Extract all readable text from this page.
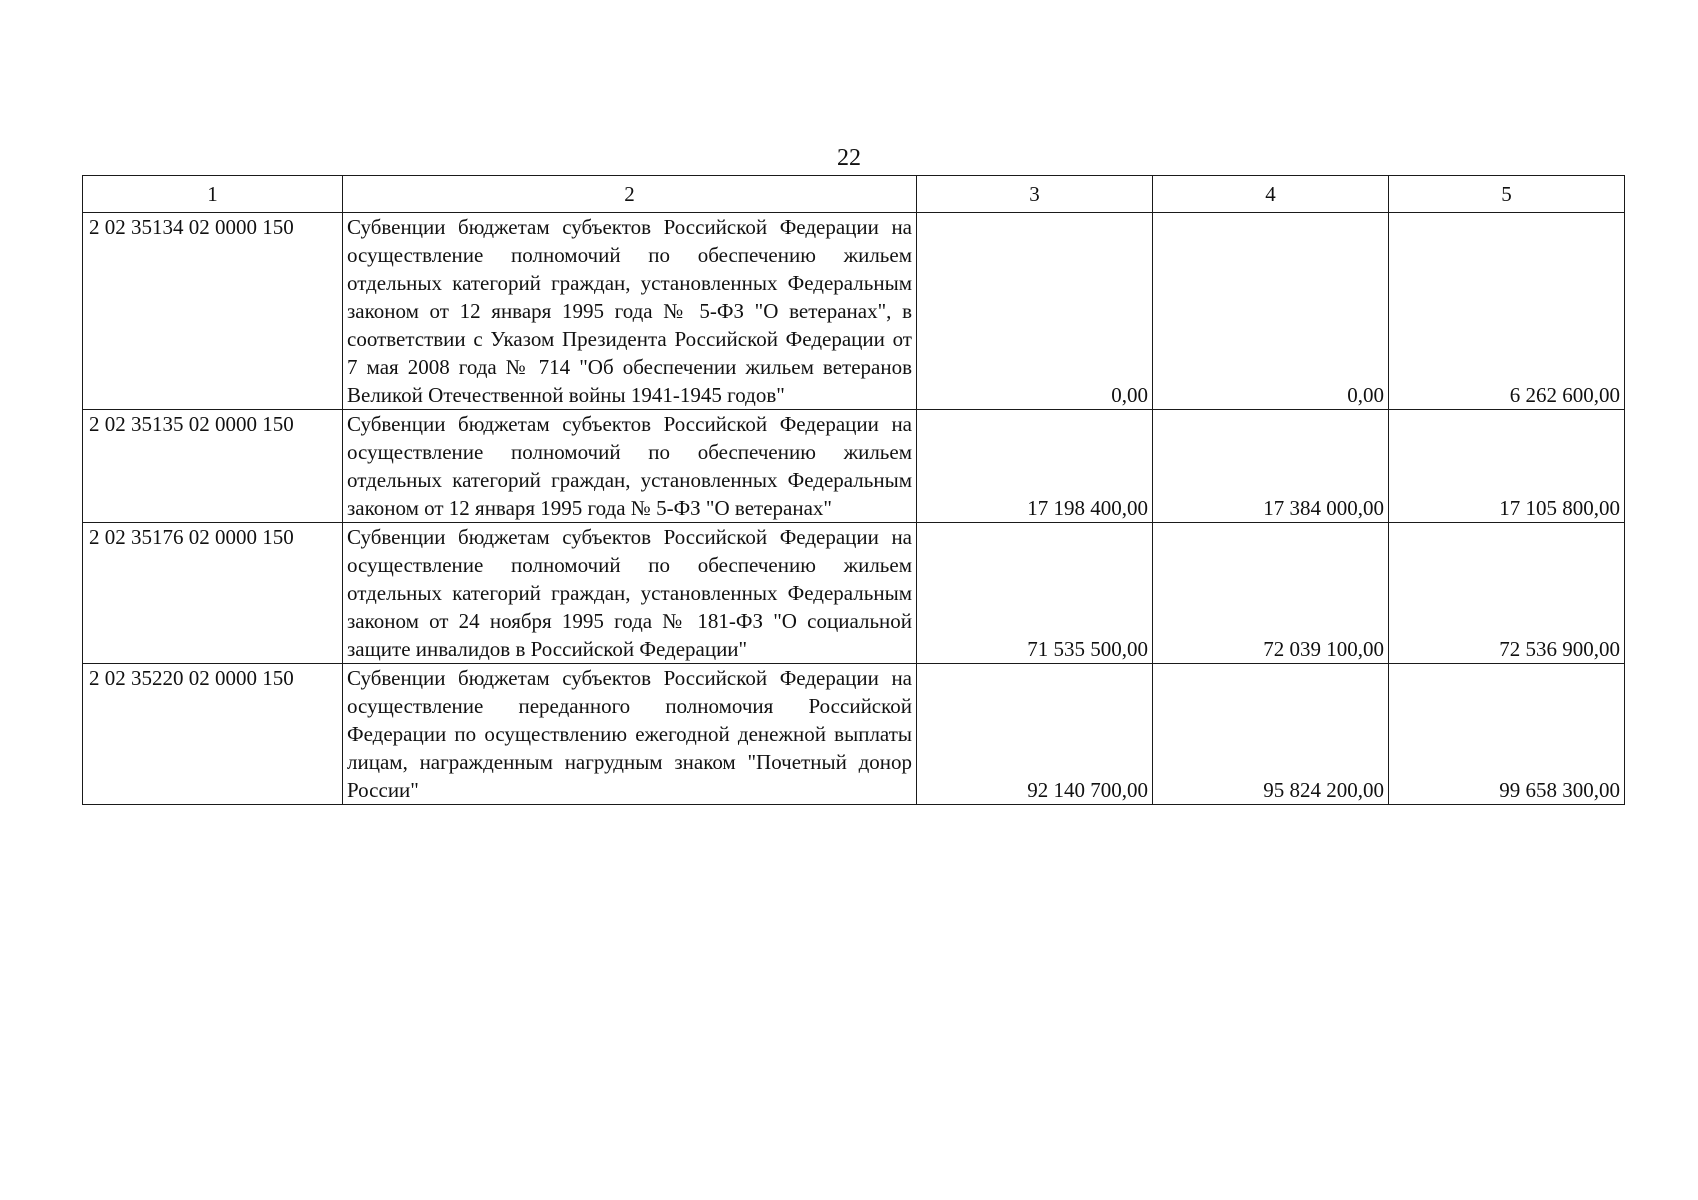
22
1	2	3	4	5
2 02 35134 02 0000 150	Субвенции бюджетам субъектов Российской Федерации на осуществление полномочий по обеспечению жильем отдельных категорий граждан, установленных Федеральным законом от 12 января 1995 года № 5-ФЗ "О ветеранах", в соответствии с Указом Президента Российской Федерации от 7 мая 2008 года № 714 "Об обеспечении жильем ветеранов Великой Отечественной войны 1941-1945 годов"	0,00	0,00	6 262 600,00
2 02 35135 02 0000 150	Субвенции бюджетам субъектов Российской Федерации на осуществление полномочий по обеспечению жильем отдельных категорий граждан, установленных Федеральным законом от 12 января 1995 года № 5-ФЗ "О ветеранах"	17 198 400,00	17 384 000,00	17 105 800,00
2 02 35176 02 0000 150	Субвенции бюджетам субъектов Российской Федерации на осуществление полномочий по обеспечению жильем отдельных категорий граждан, установленных Федеральным законом от 24 ноября 1995 года № 181-ФЗ "О социальной защите инвалидов в Российской Федерации"	71 535 500,00	72 039 100,00	72 536 900,00
2 02 35220 02 0000 150	Субвенции бюджетам субъектов Российской Федерации на осуществление переданного полномочия Российской Федерации по осуществлению ежегодной денежной выплаты лицам, награжденным нагрудным знаком "Почетный донор России"	92 140 700,00	95 824 200,00	99 658 300,00
